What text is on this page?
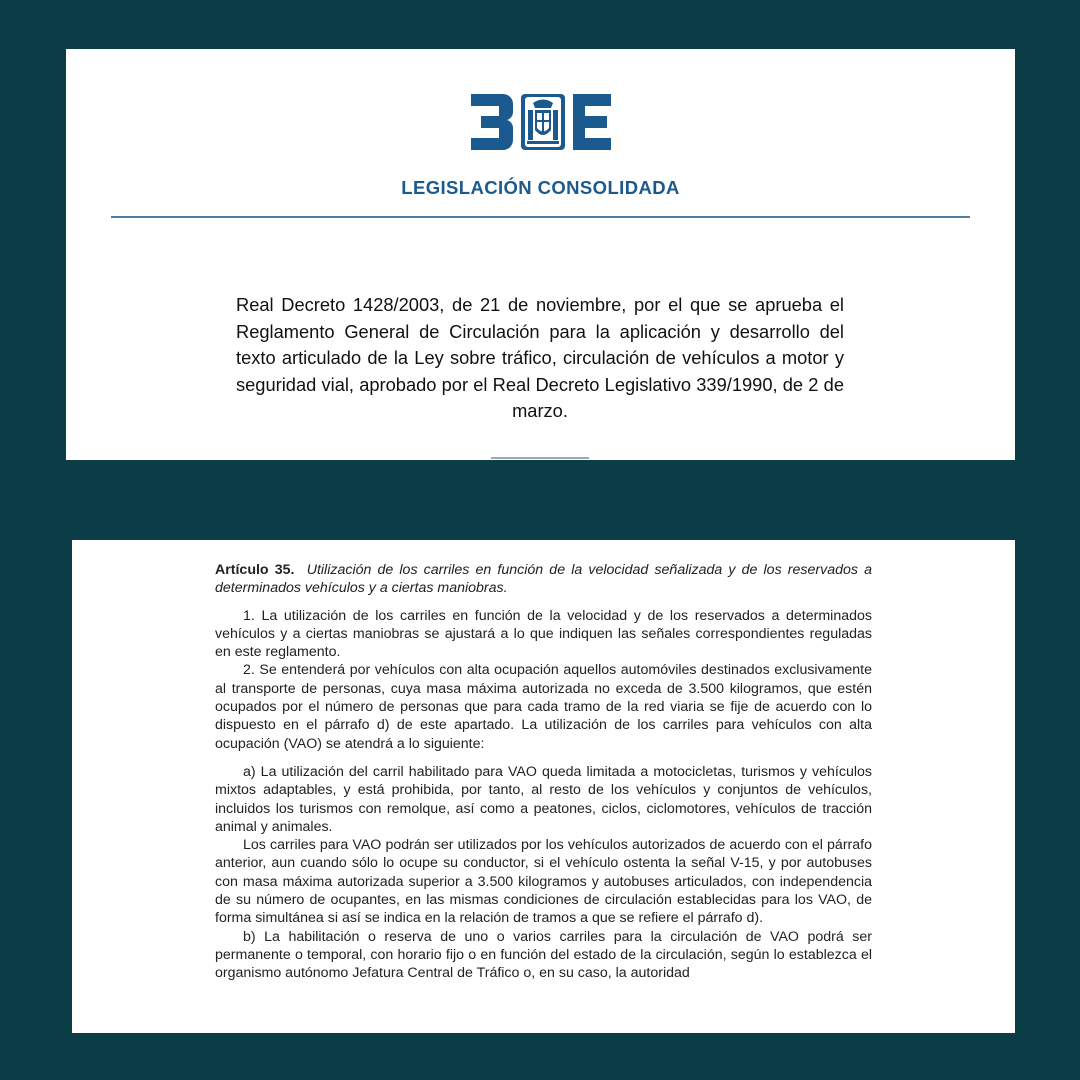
LEGISLACIÓN CONSOLIDADA
Real Decreto 1428/2003, de 21 de noviembre, por el que se aprueba el Reglamento General de Circulación para la aplicación y desarrollo del texto articulado de la Ley sobre tráfico, circulación de vehículos a motor y seguridad vial, aprobado por el Real Decreto Legislativo 339/1990, de 2 de marzo.

Artículo 35. Utilización de los carriles en función de la velocidad señalizada y de los reservados a determinados vehículos y a ciertas maniobras.

1. La utilización de los carriles en función de la velocidad y de los reservados a determinados vehículos y a ciertas maniobras se ajustará a lo que indiquen las señales correspondientes reguladas en este reglamento.

2. Se entenderá por vehículos con alta ocupación aquellos automóviles destinados exclusivamente al transporte de personas, cuya masa máxima autorizada no exceda de 3.500 kilogramos, que estén ocupados por el número de personas que para cada tramo de la red viaria se fije de acuerdo con lo dispuesto en el párrafo d) de este apartado. La utilización de los carriles para vehículos con alta ocupación (VAO) se atendrá a lo siguiente:

a) La utilización del carril habilitado para VAO queda limitada a motocicletas, turismos y vehículos mixtos adaptables, y está prohibida, por tanto, al resto de los vehículos y conjuntos de vehículos, incluidos los turismos con remolque, así como a peatones, ciclos, ciclomotores, vehículos de tracción animal y animales.

Los carriles para VAO podrán ser utilizados por los vehículos autorizados de acuerdo con el párrafo anterior, aun cuando sólo lo ocupe su conductor, si el vehículo ostenta la señal V-15, y por autobuses con masa máxima autorizada superior a 3.500 kilogramos y autobuses articulados, con independencia de su número de ocupantes, en las mismas condiciones de circulación establecidas para los VAO, de forma simultánea si así se indica en la relación de tramos a que se refiere el párrafo d).

b) La habilitación o reserva de uno o varios carriles para la circulación de VAO podrá ser permanente o temporal, con horario fijo o en función del estado de la circulación, según lo establezca el organismo autónomo Jefatura Central de Tráfico o, en su caso, la autoridad
